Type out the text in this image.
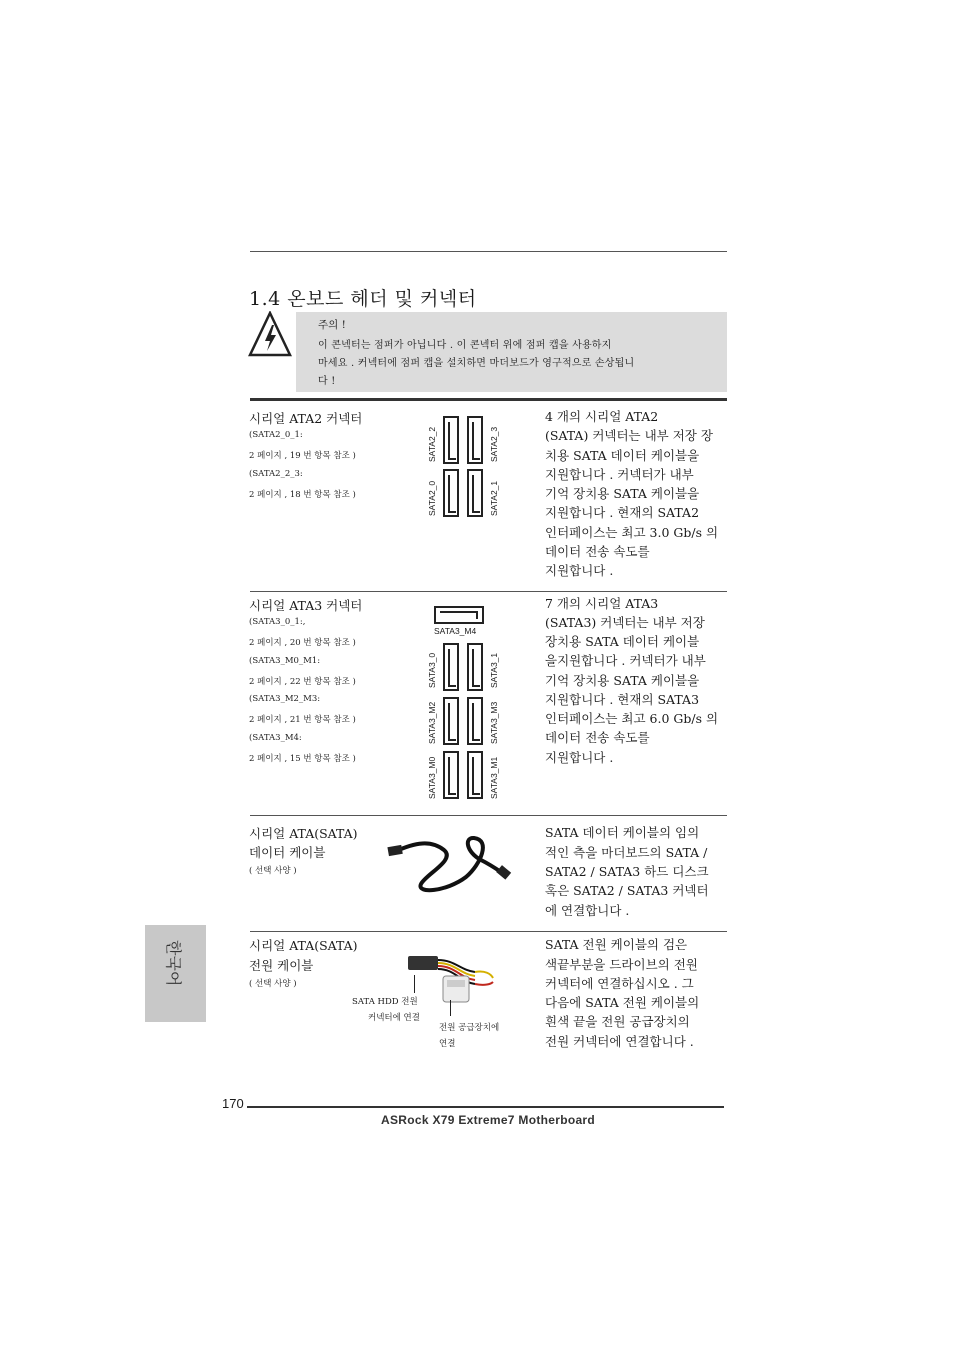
1.4 온보드 헤더 및 커넥터
주의 !
이 콘넥터는 점퍼가 아닙니다 . 이 콘넥터 위에 점퍼 캡을 사용하지
마세요 . 커넥터에 점퍼 캡을 설치하면 마더보드가 영구적으로 손상됩니
다 !
시리얼 ATA2 커넥터
(SATA2_0_1:
2 페이지 , 19 번 항목 참조 )
(SATA2_2_3:
2 페이지 , 18 번 항목 참조 )
SATA2_2	SATA2_3
SATA2_0	SATA2_1
4 개의 시리얼 ATA2
(SATA) 커넥터는 내부 저장 장
치용 SATA 데이터 케이블을
지원합니다 . 커넥터가 내부
기억 장치용 SATA 케이블을
지원합니다 . 현재의 SATA2
인터페이스는 최고 3.0 Gb/s 의
데이터 전송 속도를
지원합니다 .
시리얼 ATA3 커넥터
(SATA3_0_1:,
2 페이지 , 20 번 항목 참조 )
(SATA3_M0_M1:
2 페이지 , 22 번 항목 참조 )
(SATA3_M2_M3:
2 페이지 , 21 번 항목 참조 )
(SATA3_M4:
2 페이지 , 15 번 항목 참조 )
SATA3_M4
SATA3_0	SATA3_1
SATA3_M2	SATA3_M3
SATA3_M0	SATA3_M1
7 개의 시리얼 ATA3
(SATA3) 커넥터는 내부 저장
장치용 SATA 데이터 케이블
을지원합니다 . 커넥터가 내부
기억 장치용 SATA 케이블을
지원합니다 . 현재의 SATA3
인터페이스는 최고 6.0 Gb/s 의
데이터 전송 속도를
지원합니다 .
시리얼 ATA(SATA)
데이터 케이블
( 선택 사양 )
SATA 데이터 케이블의 임의
적인 측을 마더보드의 SATA /
SATA2 / SATA3 하드 디스크
혹은 SATA2 / SATA3 커넥터
에 연결합니다 .
시리얼 ATA(SATA)
전원 케이블
( 선택 사양 )
SATA HDD 전원
커넥터에 연결
전원 공급장치에
연결
SATA 전원 케이블의 검은
색끝부분을 드라이브의 전원
커넥터에 연결하십시오 . 그
다음에 SATA 전원 케이블의
흰색 끝을 전원 공급장치의
전원 커넥터에 연결합니다 .
한국어
170
ASRock X79 Extreme7 Motherboard
